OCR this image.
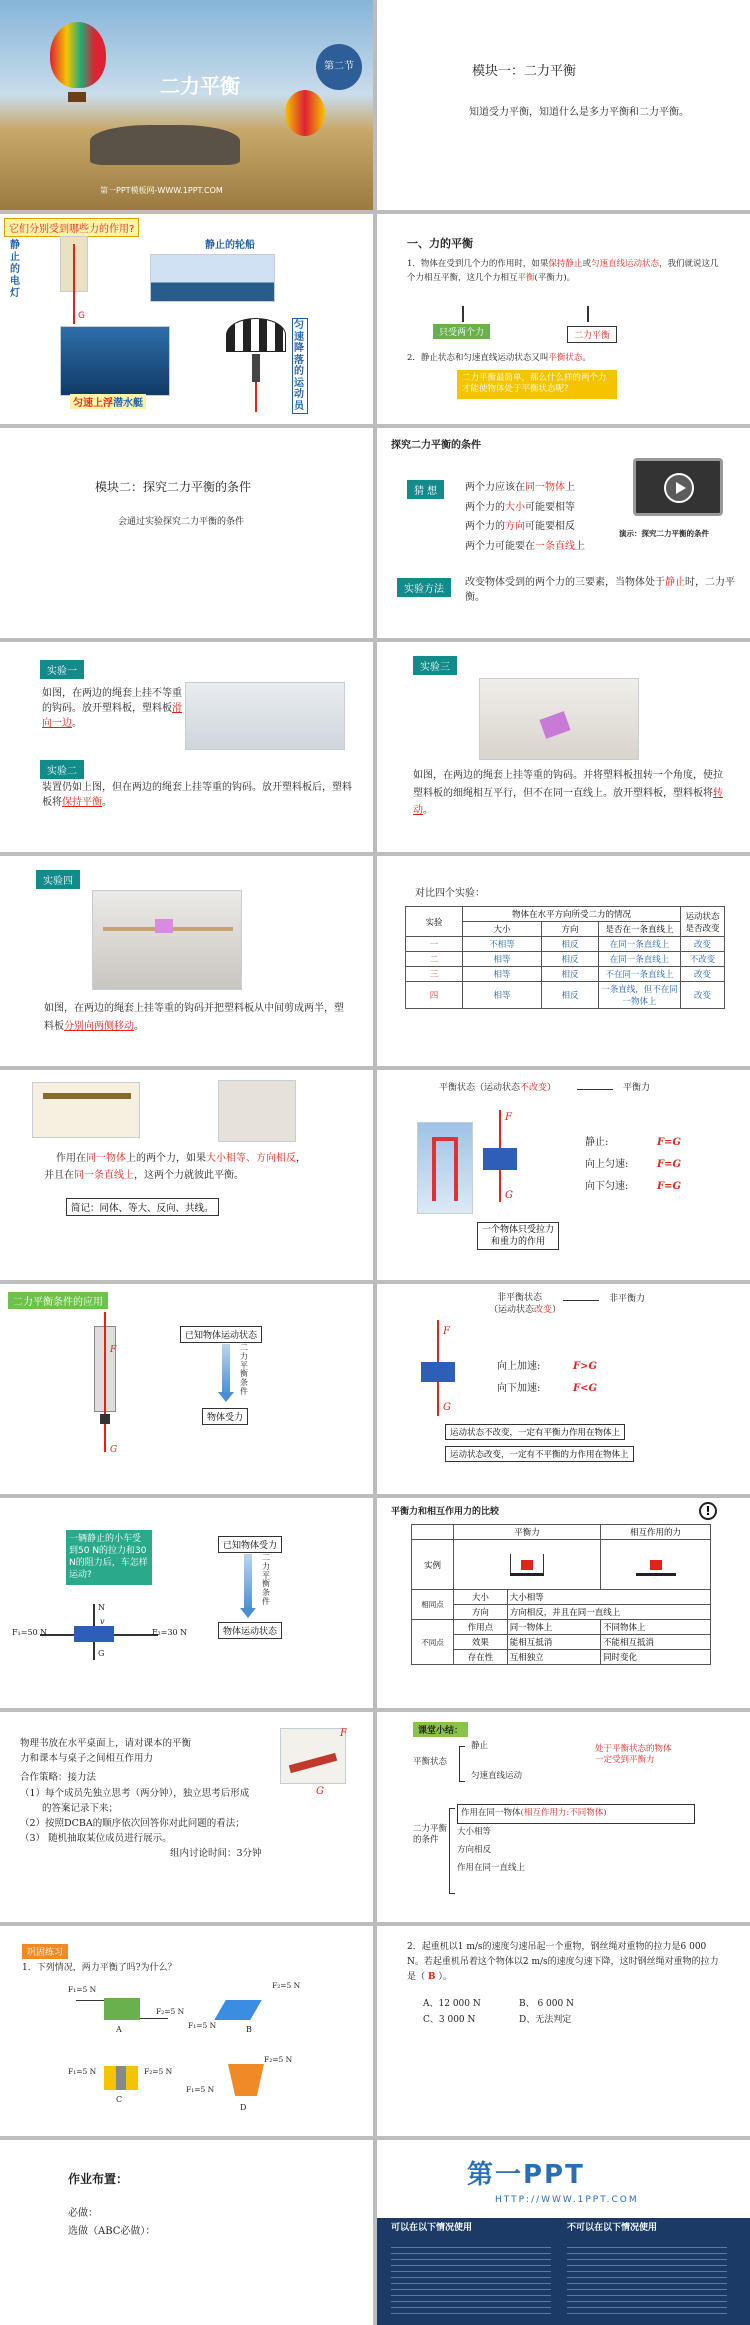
二力平衡
第二节
第一PPT模板网-WWW.1PPT.COM
模块一：二力平衡
知道受力平衡，知道什么是多力平衡和二力平衡。
它们分别受到哪些力的作用?
静止的电灯
G
静止的轮船
匀速上浮潜水艇
匀速降落的运动员
一、力的平衡
1．物体在受到几个力的作用时，如果保持静止或匀速直线运动状态，我们就说这几个力相互平衡，这几个力相互平衡(平衡力)。
只受两个力	二力平衡
2．静止状态和匀速直线运动状态又叫平衡状态。
二力平衡最简单，那么什么样的两个力才能使物体处于平衡状态呢?
模块二：探究二力平衡的条件
会通过实验探究二力平衡的条件
探究二力平衡的条件
猜 想	两个力应该在同一物体上
两个力的大小可能要相等
两个力的方向可能要相反
两个力可能要在一条直线上
演示：探究二力平衡的条件
实验方法
改变物体受到的两个力的三要素，当物体处于静止时，二力平衡。
实验一
如图，在两边的绳套上挂不等重的钩码。放开塑料板，塑料板滑向一边。
实验二
装置仍如上图，但在两边的绳套上挂等重的钩码。放开塑料板后，塑料板将保持平衡。
实验三
如图，在两边的绳套上挂等重的钩码。并将塑料板扭转一个角度，使拉塑料板的细绳相互平行，但不在同一直线上。放开塑料板，塑料板将转动。
实验四
如图，在两边的绳套上挂等重的钩码并把塑料板从中间剪成两半，塑料板分别向两侧移动。
对比四个实验：
实验	物体在水平方向所受二力的情况			运动状态是否改变
	大小	方向	是否在一条直线上	
一	不相等	相反	在同一条直线上	改变
二	相等	相反	在同一条直线上	不改变
三	相等	相反	不在同一条直线上	改变
四	相等	相反	一条直线，但不在同一物体上	改变
作用在同一物体上的两个力，如果大小相等、方向相反，
并且在同一条直线上，这两个力就彼此平衡。
简记：同体、等大、反向、共线。
平衡状态（运动状态不改变）	平衡力
F
G
静止:
向上匀速:
向下匀速:
F=G
F=G
F=G
一个物体只受拉力和重力的作用
二力平衡条件的应用
F
G
已知物体运动状态
二力平衡条件
物体受力
非平衡状态
（运动状态改变）
非平衡力
F
G
向上加速:
向下加速:
F>G
F<G
运动状态不改变，一定有平衡力作用在物体上
运动状态改变，一定有不平衡的力作用在物体上
一辆静止的小车受到50 N的拉力和30 N的阻力后，车怎样运动?
F₁=50 N	F₂=30 N
N
G
v
已知物体受力
二力平衡条件
物体运动状态
平衡力和相互作用力的比较	!
	平衡力		相互作用的力
实例		

相同点	大小	大小相等	
	方向	方向相反，并且在同一直线上	
不同点	作用点	同一物体上	不同物体上
	效果	能相互抵消	不能相互抵消
	存在性	互相独立	同时变化
物理书放在水平桌面上，请对课本的平衡
力和课本与桌子之间相互作用力
合作策略：接力法
（1）每个成员先独立思考（两分钟），独立思考后形成
的答案记录下来；
（2）按照DCBA的顺序依次回答你对此问题的看法；
（3） 随机抽取某位成员进行展示。
组内讨论时间：3分钟
F
G
课堂小结：
平衡状态
静止
匀速直线运动
处于平衡状态的物体
一定受到平衡力
二力平衡的条件
作用在同一物体(相互作用力:不同物体)
大小相等
方向相反
作用在同一直线上
巩固练习
1．下列情况，两力平衡了吗?为什么？
F₁=5 N
F₂=5 N
A	F₁=5 N
F₂=5 N
B
F₁=5 N	F₂=5 N
C
F₁=5 N
F₂=5 N
D
2．起重机以1 m/s的速度匀速吊起一个重物，钢丝绳对重物的拉力是6 000 N。若起重机吊着这个物体以2 m/s的速度匀速下降，这时钢丝绳对重物的拉力是（ B ）。
A、12 000 N	B、 6 000 N
C、3 000 N	D、无法判定
作业布置：
必做：
选做（ABC必做）：
第一PPT
HTTP://WWW.1PPT.COM
可以在以下情况使用	不可以在以下情况使用
